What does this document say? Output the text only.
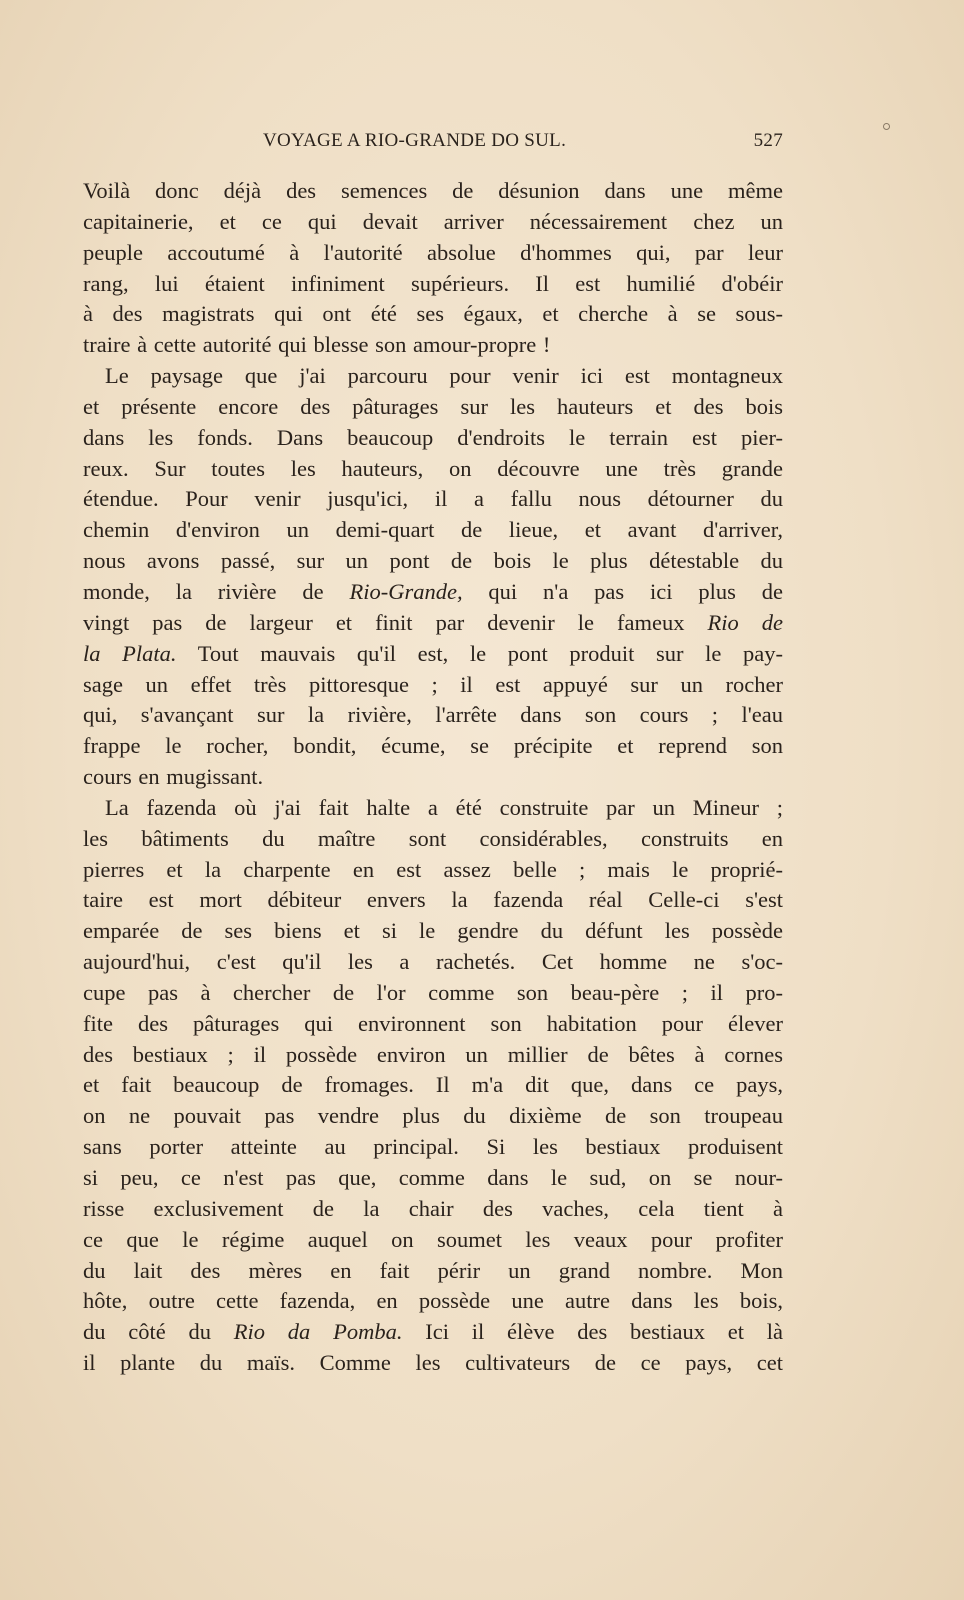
VOYAGE A RIO-GRANDE DO SUL.	527
Voilà donc déjà des semences de désunion dans une même
capitainerie, et ce qui devait arriver nécessairement chez un
peuple accoutumé à l'autorité absolue d'hommes qui, par leur
rang, lui étaient infiniment supérieurs. Il est humilié d'obéir
à des magistrats qui ont été ses égaux, et cherche à se sous-
traire à cette autorité qui blesse son amour-propre !
Le paysage que j'ai parcouru pour venir ici est montagneux
et présente encore des pâturages sur les hauteurs et des bois
dans les fonds. Dans beaucoup d'endroits le terrain est pier-
reux. Sur toutes les hauteurs, on découvre une très grande
étendue. Pour venir jusqu'ici, il a fallu nous détourner du
chemin d'environ un demi-quart de lieue, et avant d'arriver,
nous avons passé, sur un pont de bois le plus détestable du
monde, la rivière de Rio-Grande, qui n'a pas ici plus de
vingt pas de largeur et finit par devenir le fameux Rio de
la Plata. Tout mauvais qu'il est, le pont produit sur le pay-
sage un effet très pittoresque ; il est appuyé sur un rocher
qui, s'avançant sur la rivière, l'arrête dans son cours ; l'eau
frappe le rocher, bondit, écume, se précipite et reprend son
cours en mugissant.
La fazenda où j'ai fait halte a été construite par un Mineur ;
les bâtiments du maître sont considérables, construits en
pierres et la charpente en est assez belle ; mais le proprié-
taire est mort débiteur envers la fazenda réal Celle-ci s'est
emparée de ses biens et si le gendre du défunt les possède
aujourd'hui, c'est qu'il les a rachetés. Cet homme ne s'oc-
cupe pas à chercher de l'or comme son beau-père ; il pro-
fite des pâturages qui environnent son habitation pour élever
des bestiaux ; il possède environ un millier de bêtes à cornes
et fait beaucoup de fromages. Il m'a dit que, dans ce pays,
on ne pouvait pas vendre plus du dixième de son troupeau
sans porter atteinte au principal. Si les bestiaux produisent
si peu, ce n'est pas que, comme dans le sud, on se nour-
risse exclusivement de la chair des vaches, cela tient à
ce que le régime auquel on soumet les veaux pour profiter
du lait des mères en fait périr un grand nombre. Mon
hôte, outre cette fazenda, en possède une autre dans les bois,
du côté du Rio da Pomba. Ici il élève des bestiaux et là
il plante du maïs. Comme les cultivateurs de ce pays, cet
